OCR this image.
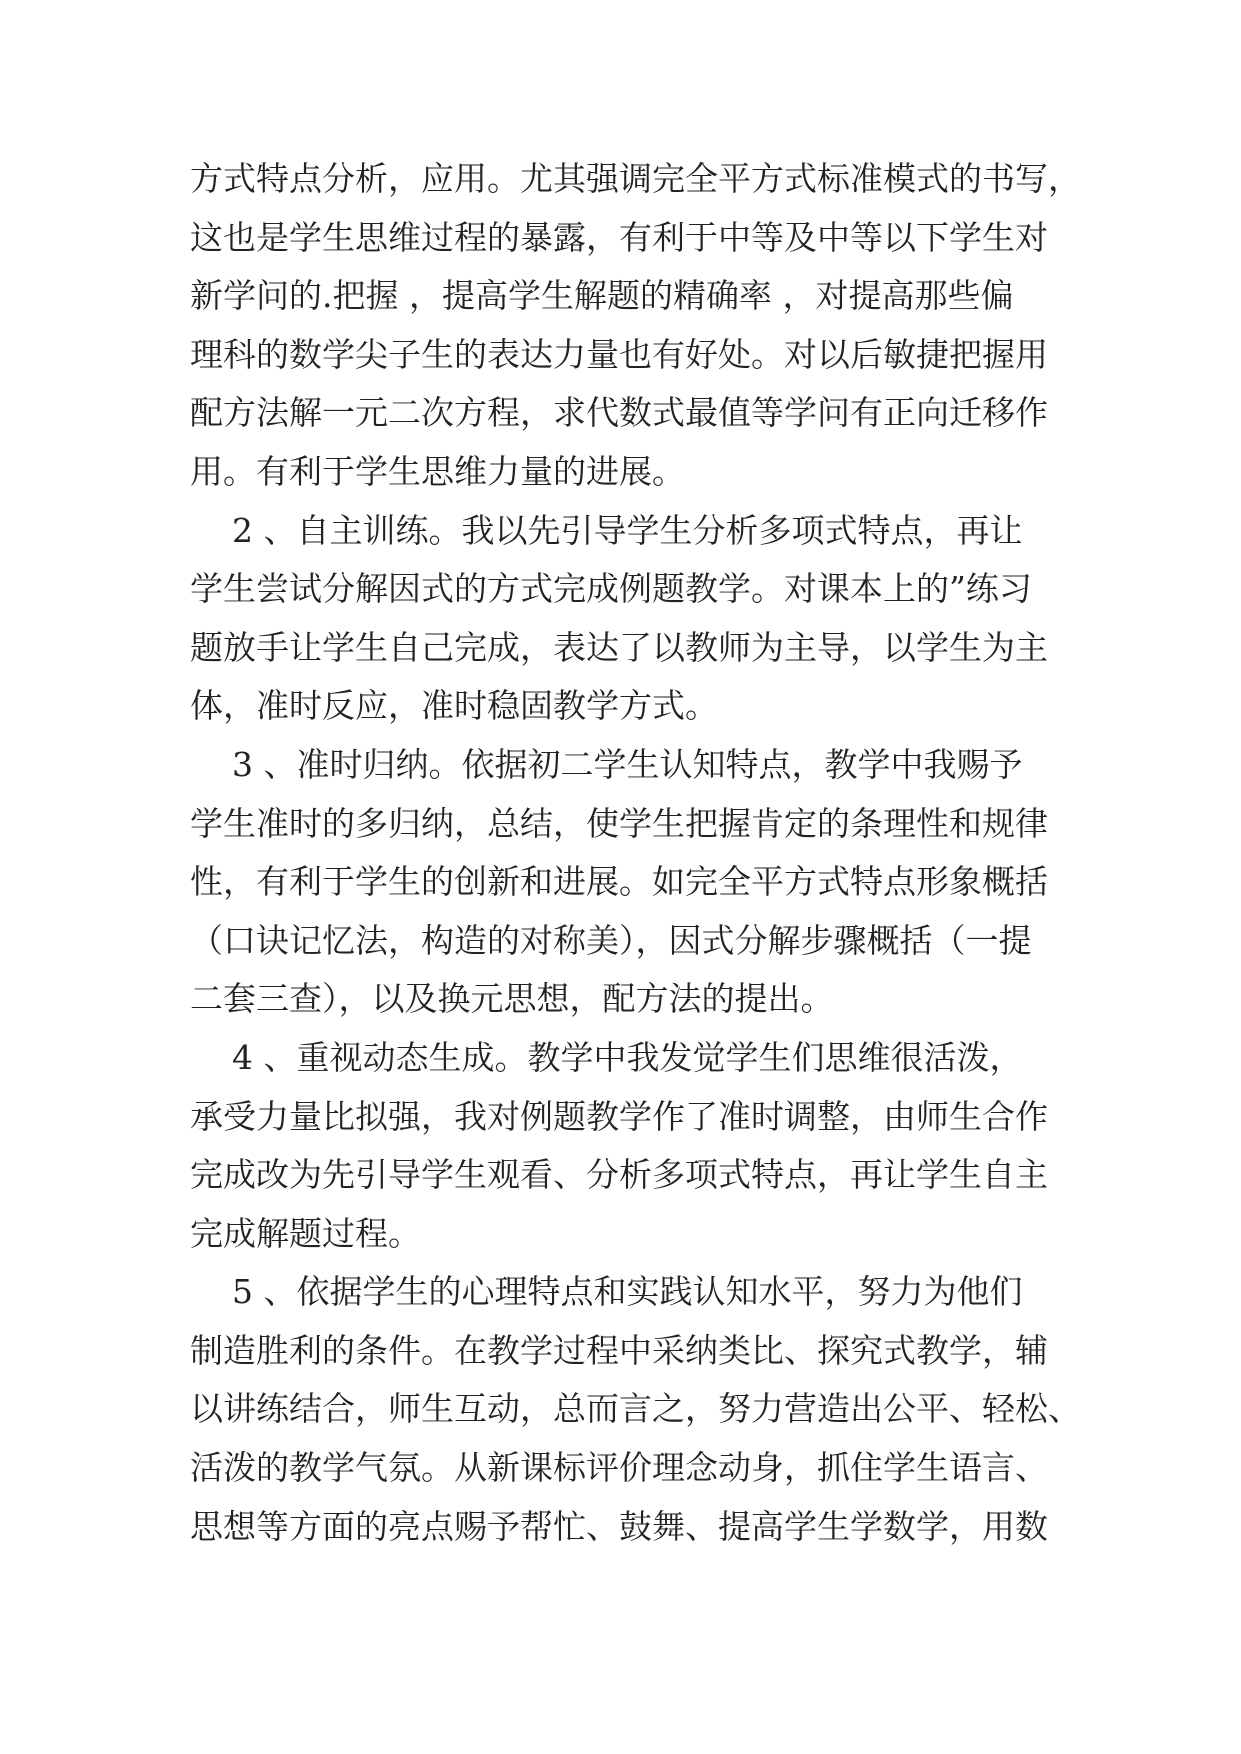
方式特点分析，应用。尤其强调完全平方式标准模式的书写，
这也是学生思维过程的暴露，有利于中等及中等以下学生对
新学问的.把握 ，提高学生解题的精确率 ，对提高那些偏
理科的数学尖子生的表达力量也有好处。对以后敏捷把握用
配方法解一元二次方程，求代数式最值等学问有正向迁移作
用。有利于学生思维力量的进展。
2 、自主训练。我以先引导学生分析多项式特点，再让
学生尝试分解因式的方式完成例题教学。对课本上的”练习
题放手让学生自己完成，表达了以教师为主导，以学生为主
体，准时反应，准时稳固教学方式。
3 、准时归纳。依据初二学生认知特点，教学中我赐予
学生准时的多归纳，总结，使学生把握肯定的条理性和规律
性，有利于学生的创新和进展。如完全平方式特点形象概括
（口诀记忆法，构造的对称美），因式分解步骤概括（一提
二套三查），以及换元思想，配方法的提出。
4 、重视动态生成。教学中我发觉学生们思维很活泼，
承受力量比拟强，我对例题教学作了准时调整，由师生合作
完成改为先引导学生观看、分析多项式特点，再让学生自主
完成解题过程。
5 、依据学生的心理特点和实践认知水平，努力为他们
制造胜利的条件。在教学过程中采纳类比、探究式教学，辅
以讲练结合，师生互动，总而言之，努力营造出公平、轻松、
活泼的教学气氛。从新课标评价理念动身，抓住学生语言、
思想等方面的亮点赐予帮忙、鼓舞、提高学生学数学，用数
